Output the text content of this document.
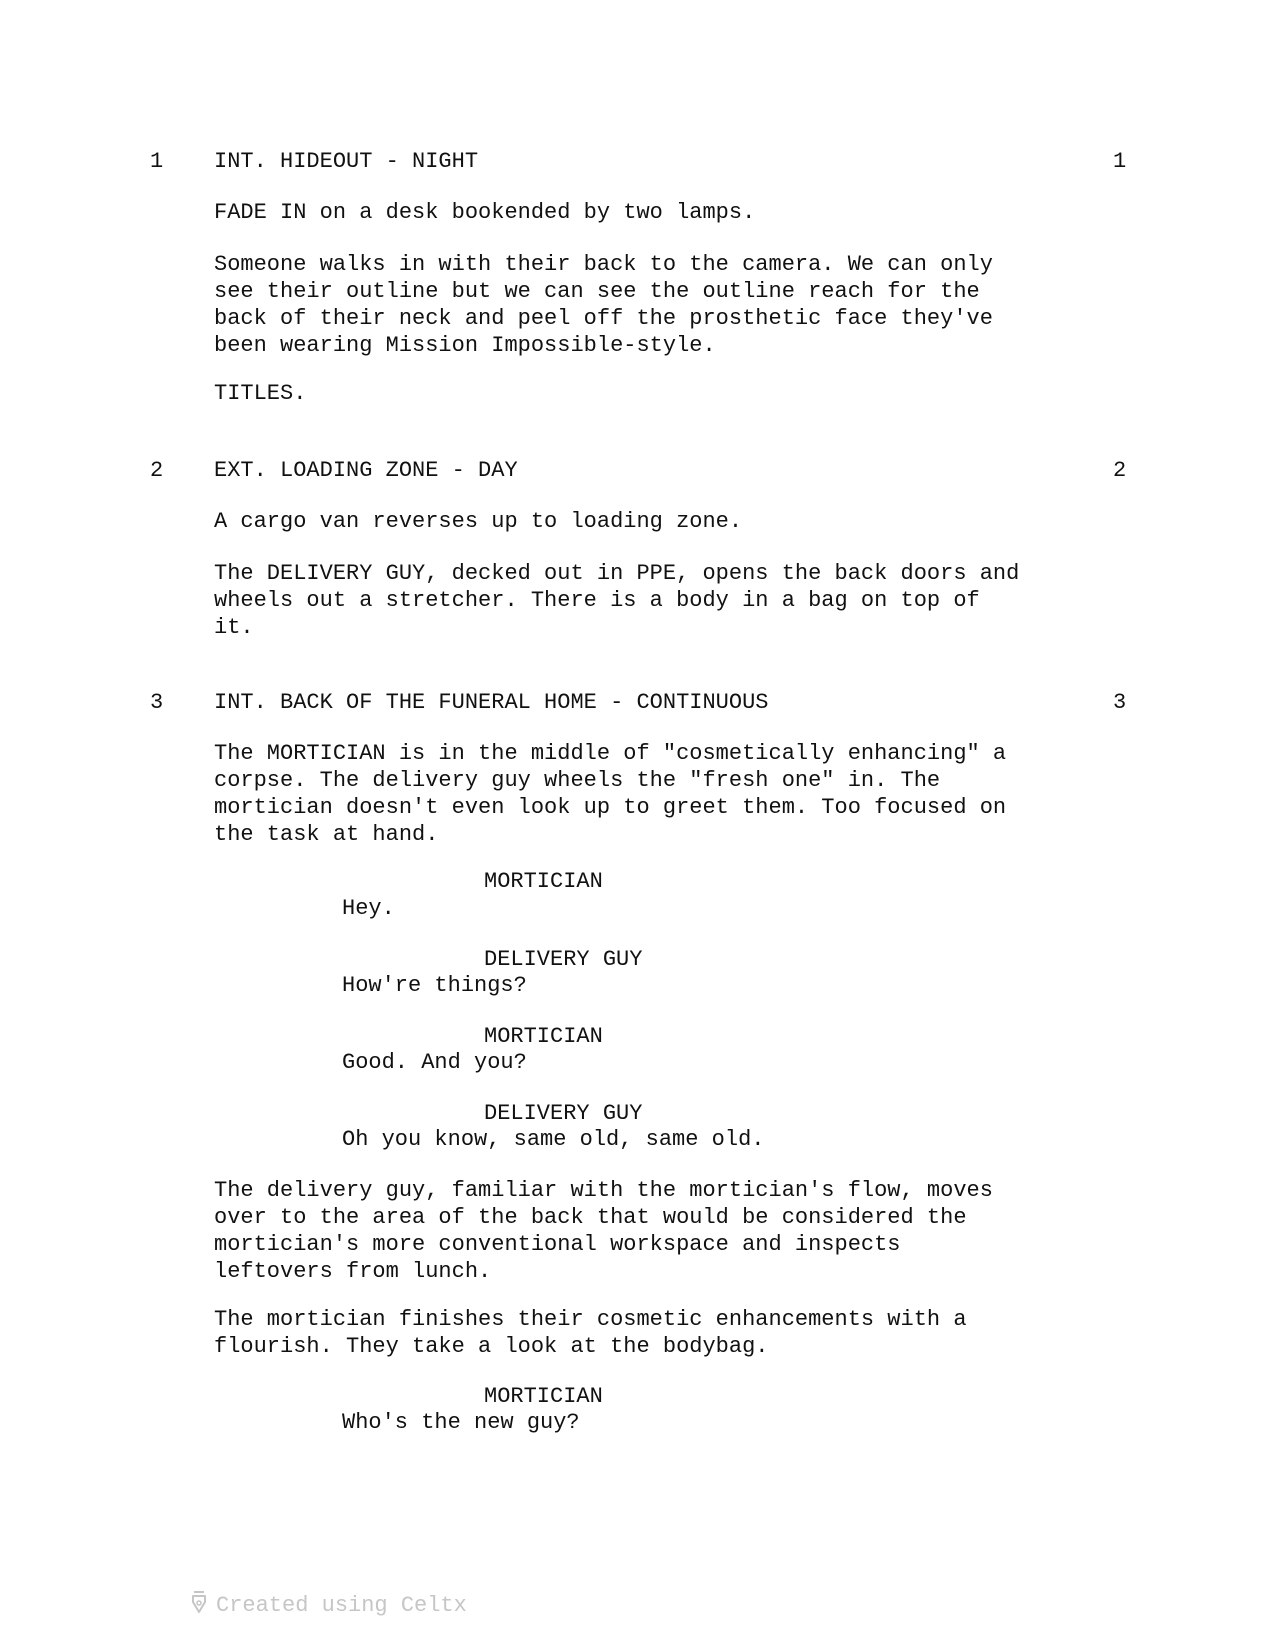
1 INT. HIDEOUT - NIGHT	1
FADE IN on a desk bookended by two lamps.
Someone walks in with their back to the camera. We can only
see their outline but we can see the outline reach for the
back of their neck and peel off the prosthetic face they've
been wearing Mission Impossible-style.
TITLES.
2 EXT. LOADING ZONE - DAY	2
A cargo van reverses up to loading zone.
The DELIVERY GUY, decked out in PPE, opens the back doors and
wheels out a stretcher. There is a body in a bag on top of
it.
3 INT. BACK OF THE FUNERAL HOME - CONTINUOUS	3
The MORTICIAN is in the middle of "cosmetically enhancing" a
corpse. The delivery guy wheels the "fresh one" in. The
mortician doesn't even look up to greet them. Too focused on
the task at hand.
MORTICIAN
Hey.
DELIVERY GUY
How're things?
MORTICIAN
Good. And you?
DELIVERY GUY
Oh you know, same old, same old.
The delivery guy, familiar with the mortician's flow, moves
over to the area of the back that would be considered the
mortician's more conventional workspace and inspects
leftovers from lunch.
The mortician finishes their cosmetic enhancements with a
flourish. They take a look at the bodybag.
MORTICIAN
Who's the new guy?
Created using Celtx
